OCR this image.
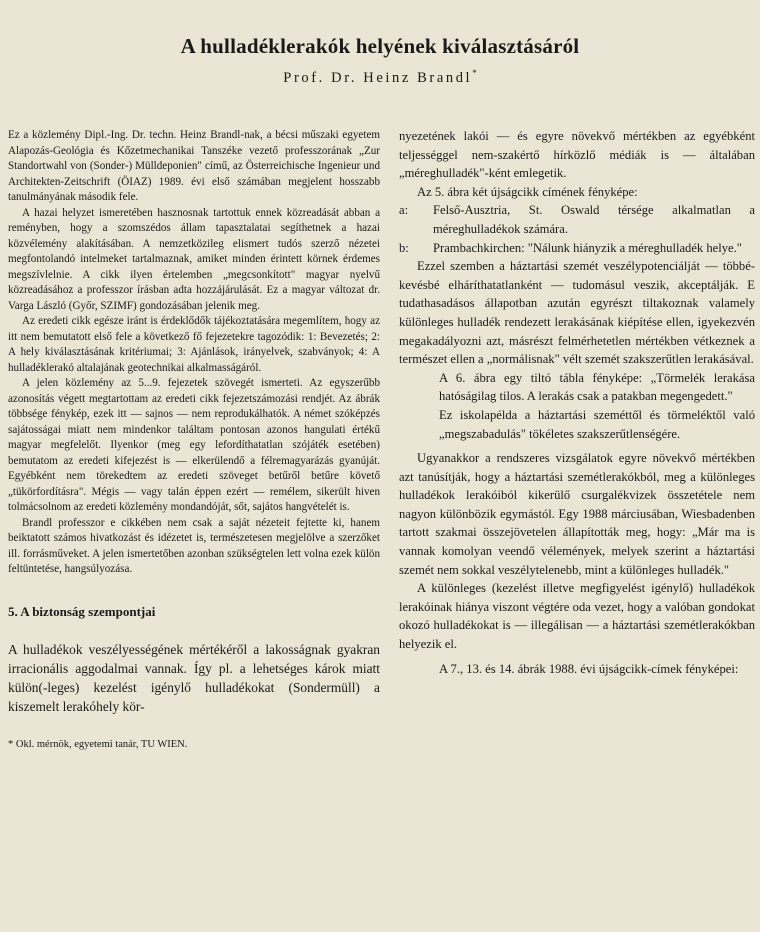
A hulladéklerakók helyének kiválasztásáról
Prof. Dr. Heinz Brandl*

Ez a közlemény Dipl.-Ing. Dr. techn. Heinz Brandl-nak, a bécsi műszaki egyetem Alapozás-Geológia és Kőzetmechanikai Tanszéke vezető professzorának „Zur Standortwahl von (Sonder-) Mülldeponien" című, az Österreichische Ingenieur und Architekten-Zeitschrift (ÖIAZ) 1989. évi első számában megjelent hosszabb tanulmányának második fele.

A hazai helyzet ismeretében hasznosnak tartottuk ennek közreadását abban a reményben, hogy a szomszédos állam tapasztalatai segíthetnek a hazai közvélemény alakításában. A nemzetközileg elismert tudós szerző nézetei megfontolandó intelmeket tartalmaznak, amiket minden érintett körnek érdemes megszívlelnie. A cikk ilyen értelemben „megcsonkított" magyar nyelvű közreadásához a professzor írásban adta hozzájárulását. Ez a magyar változat dr. Varga László (Győr, SZIMF) gondozásában jelenik meg.

Az eredeti cikk egésze iránt is érdeklődők tájékoztatására megemlítem, hogy az itt nem bemutatott első fele a következő fő fejezetekre tagozódik: 1: Bevezetés; 2: A hely kiválasztásának kritériumai; 3: Ajánlások, irányelvek, szabványok; 4: A hulladéklerakó altalajának geotechnikai alkalmasságáról.

A jelen közlemény az 5...9. fejezetek szövegét ismerteti. Az egyszerűbb azonosítás végett megtartottam az eredeti cikk fejezetszámozási rendjét. Az ábrák többsége fénykép, ezek itt — sajnos — nem reprodukálhatók. A német szóképzés sajátosságai miatt nem mindenkor találtam pontosan azonos hangulati értékű magyar megfelelőt. Ilyenkor (meg egy lefordíthatatlan szójáték esetében) bemutatom az eredeti kifejezést is — elkerülendő a félremagyarázás gyanúját. Egyébként nem törekedtem az eredeti szöveget betűről betűre követő „tükörfordításra". Mégis — vagy talán éppen ezért — remélem, sikerült hiven tolmácsolnom az eredeti közlemény mondandóját, sőt, sajátos hangvételét is.

Brandl professzor e cikkében nem csak a saját nézeteit fejtette ki, hanem beiktatott számos hivatkozást és idézetet is, természetesen megjelölve a szerzőket ill. forrásműveket. A jelen ismertetőben azonban szükségtelen lett volna ezek külön feltüntetése, hangsúlyozása.

5. A biztonság szempontjai

A hulladékok veszélyességének mértékéről a lakosságnak gyakran irracionális aggodalmai vannak. Így pl. a lehetséges károk miatt külön(-leges) kezelést igénylő hulladékokat (Sondermüll) a kiszemelt lerakóhely kör-

* Okl. mérnök, egyetemi tanár, TU WIEN.

nyezetének lakói — és egyre növekvő mértékben az egyébként teljességgel nem-szakértő hírközlő médiák is — általában „méreghulladék"-ként emlegetik.

Az 5. ábra két újságcikk címének fényképe:

a:	Felső-Ausztria, St. Oswald térsége alkalmatlan a méreghulladékok számára.
b:	Prambachkirchen: "Nálunk hiányzik a méreghulladék helye."

Ezzel szemben a háztartási szemét veszélypotenciálját — többé-kevésbé elháríthatatlanként — tudomásul veszik, akceptálják. E tudathasadásos állapotban azután egyrészt tiltakoznak valamely különleges hulladék rendezett lerakásának kiépítése ellen, igyekezvén megakadályozni azt, másrészt felmérhetetlen mértékben vétkeznek a természet ellen a „normálisnak" vélt szemét szakszerűtlen lerakásával.

A 6. ábra egy tiltó tábla fényképe: „Törmelék lerakása hatóságilag tilos. A lerakás csak a patakban megengedett."

Ez iskolapélda a háztartási szeméttől és törmeléktől való „megszabadulás" tökéletes szakszerűtlenségére.

Ugyanakkor a rendszeres vizsgálatok egyre növekvő mértékben azt tanúsítják, hogy a háztartási szemétlerakókból, meg a különleges hulladékok lerakóiból kikerülő csurgalékvizek összetétele nem nagyon különbözik egymástól. Egy 1988 márciusában, Wiesbadenben tartott szakmai összejövetelen állapították meg, hogy: „Már ma is vannak komolyan veendő vélemények, melyek szerint a háztartási szemét nem sokkal veszélytelenebb, mint a különleges hulladék."

A különleges (kezelést illetve megfigyelést igénylő) hulladékok lerakóinak hiánya viszont végtére oda vezet, hogy a valóban gondokat okozó hulladékokat is — illegálisan — a háztartási szemétlerakókban helyezik el.

A 7., 13. és 14. ábrák 1988. évi újságcikk-címek fényképei:
